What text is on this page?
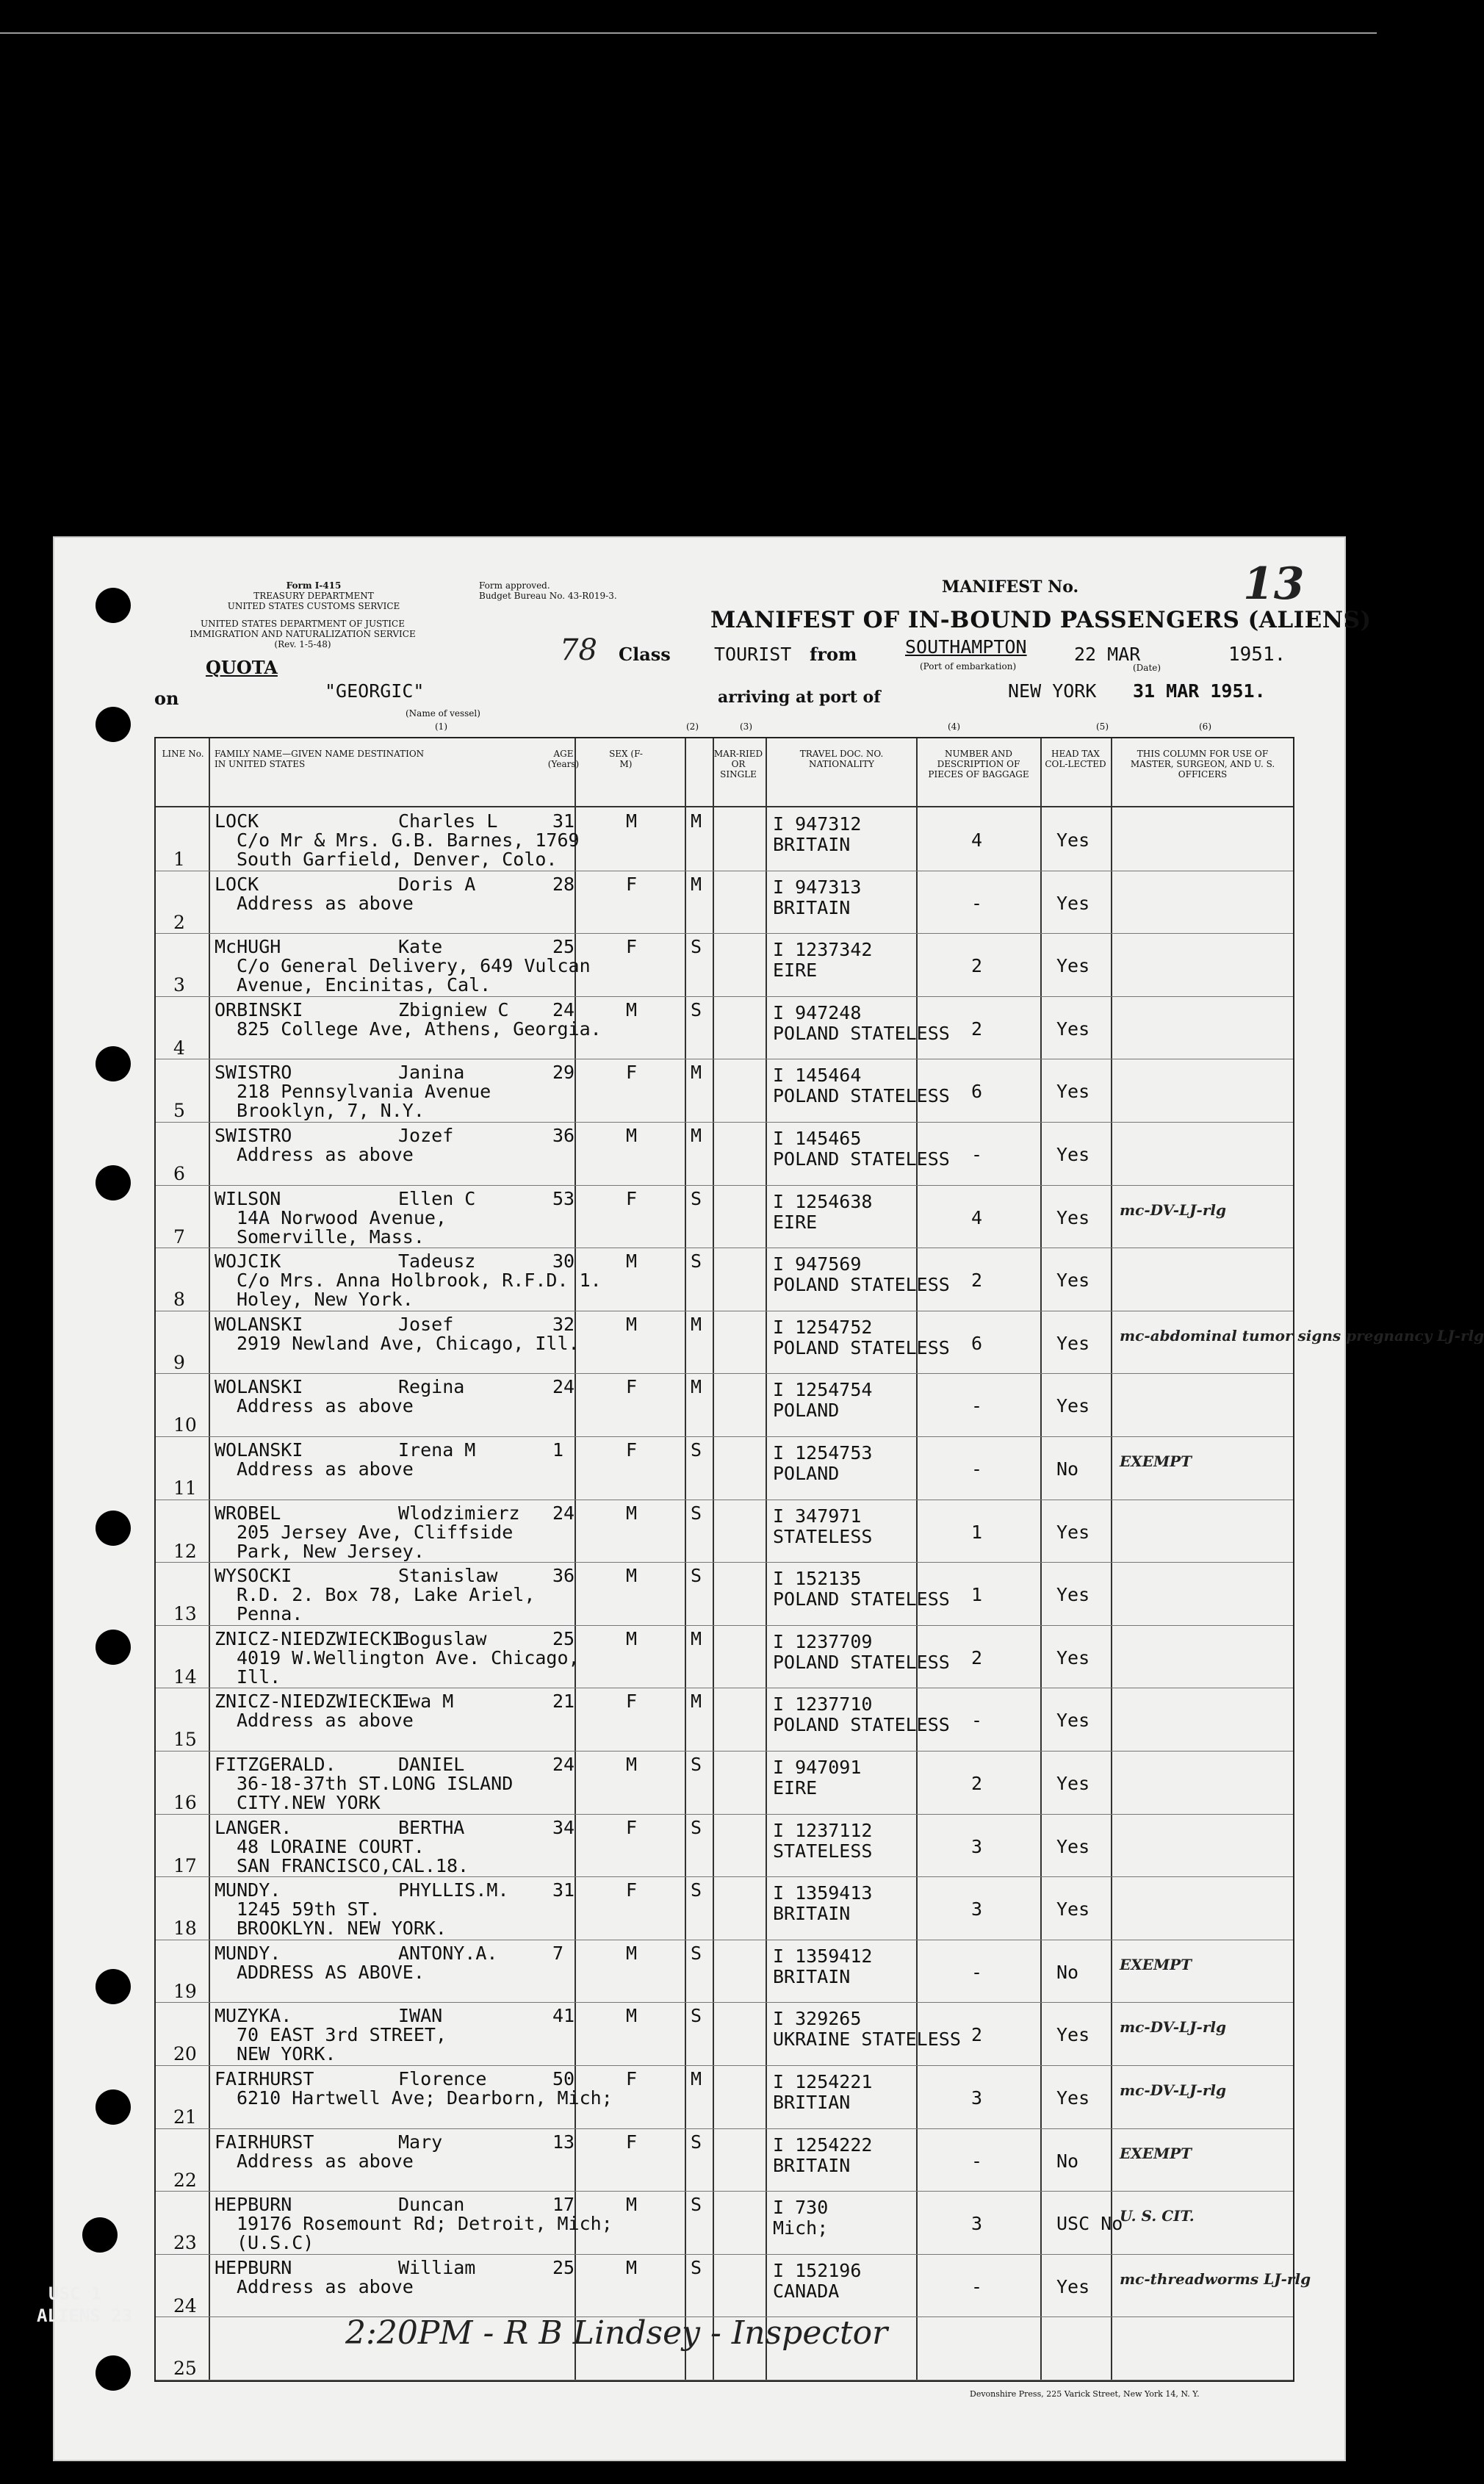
Form I-415
TREASURY DEPARTMENT
UNITED STATES CUSTOMS SERVICE
UNITED STATES DEPARTMENT OF JUSTICE
IMMIGRATION AND NATURALIZATION SERVICE
(Rev. 1-5-48)
Form approved.
Budget Bureau No. 43-R019-3.	MANIFEST No.	13
MANIFEST OF IN-BOUND PASSENGERS (ALIENS)
QUOTA
78 Class TOURIST from	SOUTHAMPTON
(Port of embarkation)
22 MAR
(Date)
1951.
on	"GEORGIC"
(Name of vessel)
arriving at port of	NEW YORK 31 MAR 1951.
(1)	(2)	(3)	(4)	(5)	(6)
LINE No.	FAMILY NAME—GIVEN NAME DESTINATION IN UNITED STATES
AGE (Years)
SEX (F-M)
MAR-RIED OR SINGLE
TRAVEL DOC. NO. NATIONALITY
NUMBER AND DESCRIPTION OF PIECES OF BAGGAGE
HEAD TAX COL-LECTED
THIS COLUMN FOR USE OF MASTER, SURGEON, AND U. S. OFFICERS
1
LOCK	Charles L
C/o Mr & Mrs. G.B. Barnes, 1769
South Garfield, Denver, Colo.
31	M	M	I 947312
BRITAIN	4	Yes
2
LOCK	Doris A
Address as above
28	F	M	I 947313
BRITAIN	-	Yes
3
McHUGH	Kate
C/o General Delivery, 649 Vulcan
Avenue, Encinitas, Cal.
25	F	S	I 1237342
EIRE	2	Yes
4
ORBINSKI	Zbigniew C
825 College Ave, Athens, Georgia.
24	M	S	I 947248
POLAND STATELESS 2	Yes
5
SWISTRO	Janina
218 Pennsylvania Avenue
Brooklyn, 7, N.Y.
29	F	M	I 145464
POLAND STATELESS 6	Yes
6
SWISTRO	Jozef
Address as above
36	M	M	I 145465
POLAND STATELESS -	Yes
7
WILSON	Ellen C
14A Norwood Avenue,
Somerville, Mass.
53	F	S	I 1254638
EIRE	4	Yes mc-DV-LJ-rlg
8
WOJCIK	Tadeusz
C/o Mrs. Anna Holbrook, R.F.D. 1.
Holey, New York.
30	M	S	I 947569
POLAND STATELESS 2	Yes
9
WOLANSKI	Josef
2919 Newland Ave, Chicago, Ill.
32	M	M	I 1254752
POLAND STATELESS 6	Yes mc-abdominal tumor signs pregnancy LJ-rlg
10
WOLANSKI	Regina
Address as above
24	F	M	I 1254754
POLAND	-	Yes
11
WOLANSKI	Irena M
Address as above
1	F	S	I 1254753
POLAND	-	No	EXEMPT
12
WROBEL	Wlodzimierz
205 Jersey Ave, Cliffside
Park, New Jersey.
24	M	S	I 347971
STATELESS	1	Yes
13
WYSOCKI	Stanislaw
R.D. 2. Box 78, Lake Ariel,
Penna.
36	M	S	I 152135
POLAND STATELESS 1	Yes
14
ZNICZ-NIEDZWIECKI
Boguslaw
4019 W.Wellington Ave. Chicago,
Ill.
25	M	M	I 1237709
POLAND STATELESS 2	Yes
15
ZNICZ-NIEDZWIECKI
Ewa M
Address as above
21	F	M	I 1237710
POLAND STATELESS -	Yes
16
FITZGERALD.	DANIEL
36-18-37th ST.LONG ISLAND
CITY.NEW YORK
24	M	S	I 947091
EIRE	2	Yes
17
LANGER.	BERTHA
48 LORAINE COURT.
SAN FRANCISCO,CAL.18.
34	F	S	I 1237112
STATELESS	3	Yes
18
MUNDY.	PHYLLIS.M.
1245 59th ST.
BROOKLYN. NEW YORK.
31	F	S	I 1359413
BRITAIN	3	Yes
19
MUNDY.	ANTONY.A.
ADDRESS AS ABOVE.
7	M	S	I 1359412
BRITAIN	-	No	EXEMPT
20
MUZYKA.	IWAN
70 EAST 3rd STREET,
NEW YORK.
41	M	S	I 329265
UKRAINE STATELESS 2	Yes mc-DV-LJ-rlg
21
FAIRHURST	Florence
6210 Hartwell Ave; Dearborn, Mich;
50	F	M	I 1254221
BRITIAN	3	Yes mc-DV-LJ-rlg
22
FAIRHURST	Mary
Address as above
13	F	S	I 1254222
BRITAIN	-	No	EXEMPT
23
HEPBURN	Duncan
19176 Rosemount Rd; Detroit, Mich;
(U.S.C)
17	M	S	I 730
Mich;	3	USC No
U. S. CIT.
24
HEPBURN	William
Address as above
25	M	S	I 152196
CANADA	-	Yes mc-threadworms LJ-rlg
25
2:20PM - R B Lindsey - Inspector
USC 1
ALIENS 23
Devonshire Press, 225 Varick Street, New York 14, N. Y.
